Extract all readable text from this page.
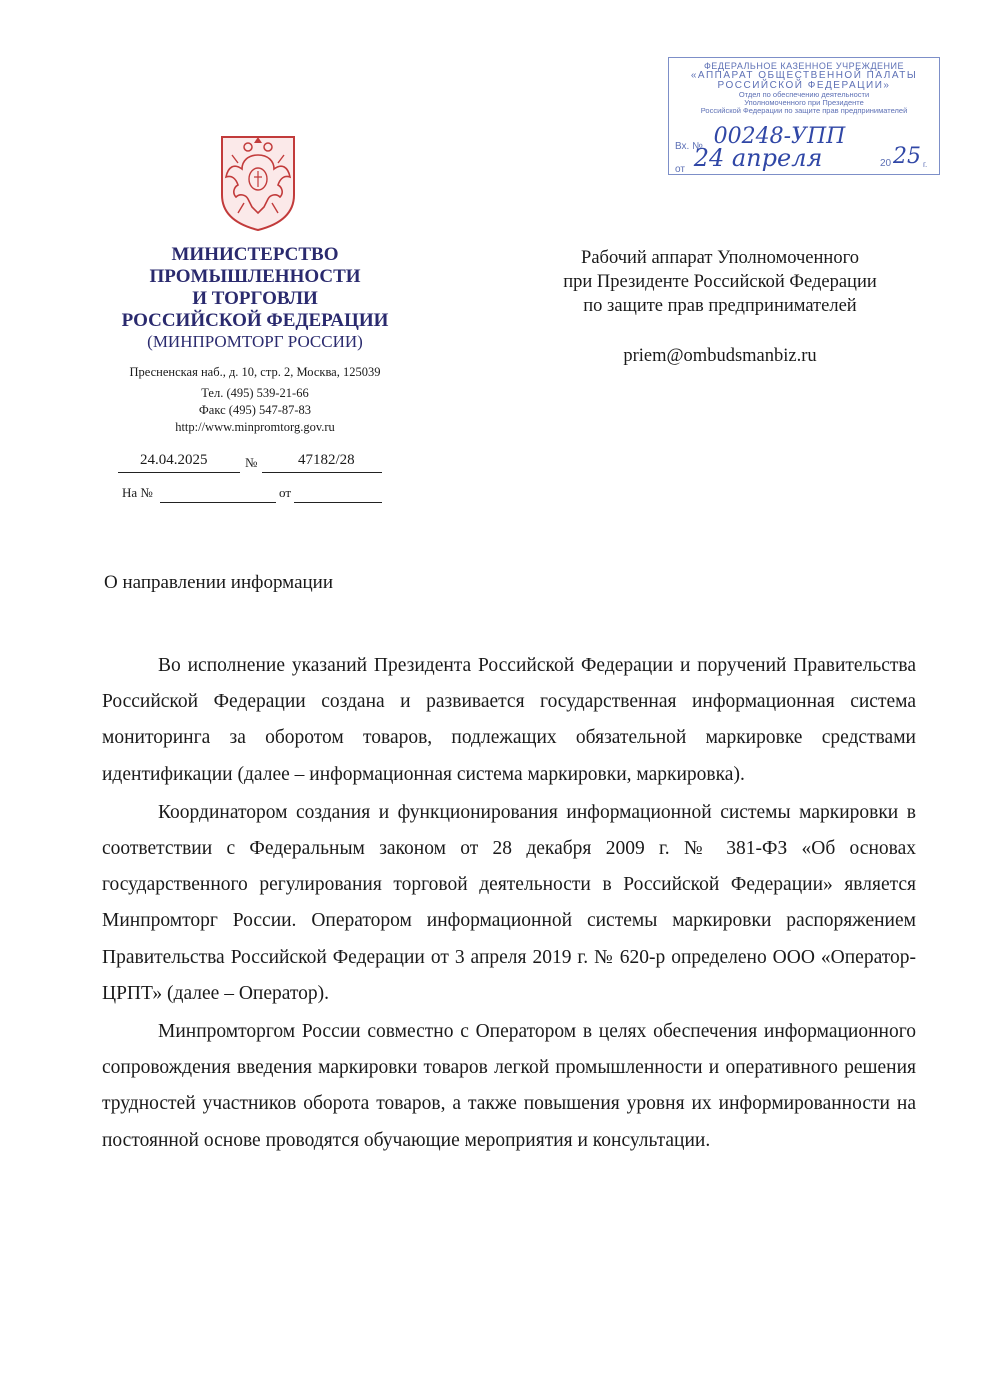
ФЕДЕРАЛЬНОЕ КАЗЕННОЕ УЧРЕЖДЕНИЕ
«АППАРАТ ОБЩЕСТВЕННОЙ ПАЛАТЫ
РОССИЙСКОЙ ФЕДЕРАЦИИ»
Отдел по обеспечению деятельности
Уполномоченного при Президенте
Российской Федерации по защите прав предпринимателей
Вх. № 00248-УПП
от 24 апреля	20 25 г.
МИНИСТЕРСТВО
ПРОМЫШЛЕННОСТИ
И ТОРГОВЛИ
РОССИЙСКОЙ ФЕДЕРАЦИИ
(МИНПРОМТОРГ РОССИИ)
Пресненская наб., д. 10, стр. 2, Москва, 125039
Тел. (495) 539-21-66
Факс (495) 547-87-83
http://www.minpromtorg.gov.ru
24.04.2025	№	47182/28
На №	от
Рабочий аппарат Уполномоченного
при Президенте Российской Федерации
по защите прав предпринимателей
priem@ombudsmanbiz.ru
О направлении информации

Во исполнение указаний Президента Российской Федерации и поручений Правительства Российской Федерации создана и развивается государственная информационная система мониторинга за оборотом товаров, подлежащих обязательной маркировке средствами идентификации (далее – информационная система маркировки, маркировка).

Координатором создания и функционирования информационной системы маркировки в соответствии с Федеральным законом от 28 декабря 2009 г. № 381-ФЗ «Об основах государственного регулирования торговой деятельности в Российской Федерации» является Минпромторг России. Оператором информационной системы маркировки распоряжением Правительства Российской Федерации от 3 апреля 2019 г. № 620-р определено ООО «Оператор-ЦРПТ» (далее – Оператор).

Минпромторгом России совместно с Оператором в целях обеспечения информационного сопровождения введения маркировки товаров легкой промышленности и оперативного решения трудностей участников оборота товаров, а также повышения уровня их информированности на постоянной основе проводятся обучающие мероприятия и консультации.
